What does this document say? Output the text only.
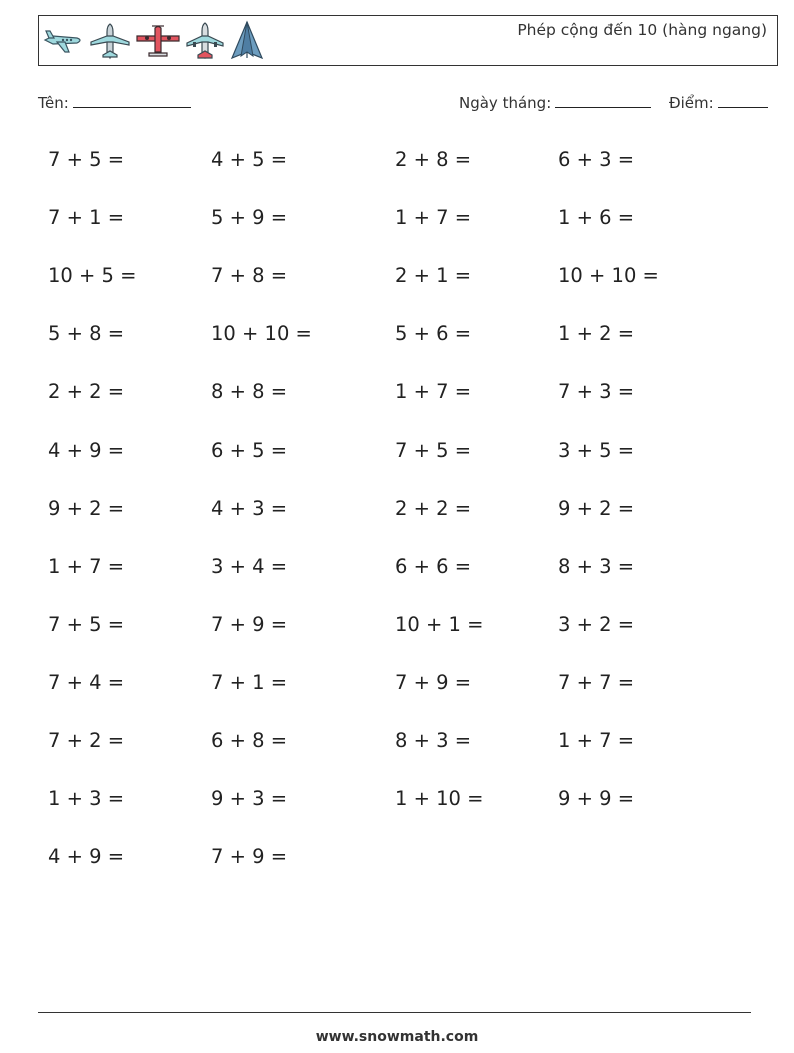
Phép cộng đến 10 (hàng ngang)
Tên:	Ngày tháng:	Điểm:
7 + 5 =	4 + 5 =	2 + 8 =	6 + 3 =
7 + 1 =	5 + 9 =	1 + 7 =	1 + 6 =
10 + 5 =	7 + 8 =	2 + 1 =	10 + 10 =
5 + 8 =	10 + 10 =	5 + 6 =	1 + 2 =
2 + 2 =	8 + 8 =	1 + 7 =	7 + 3 =
4 + 9 =	6 + 5 =	7 + 5 =	3 + 5 =
9 + 2 =	4 + 3 =	2 + 2 =	9 + 2 =
1 + 7 =	3 + 4 =	6 + 6 =	8 + 3 =
7 + 5 =	7 + 9 =	10 + 1 =	3 + 2 =
7 + 4 =	7 + 1 =	7 + 9 =	7 + 7 =
7 + 2 =	6 + 8 =	8 + 3 =	1 + 7 =
1 + 3 =	9 + 3 =	1 + 10 =	9 + 9 =
4 + 9 =	7 + 9 =
www.snowmath.com
